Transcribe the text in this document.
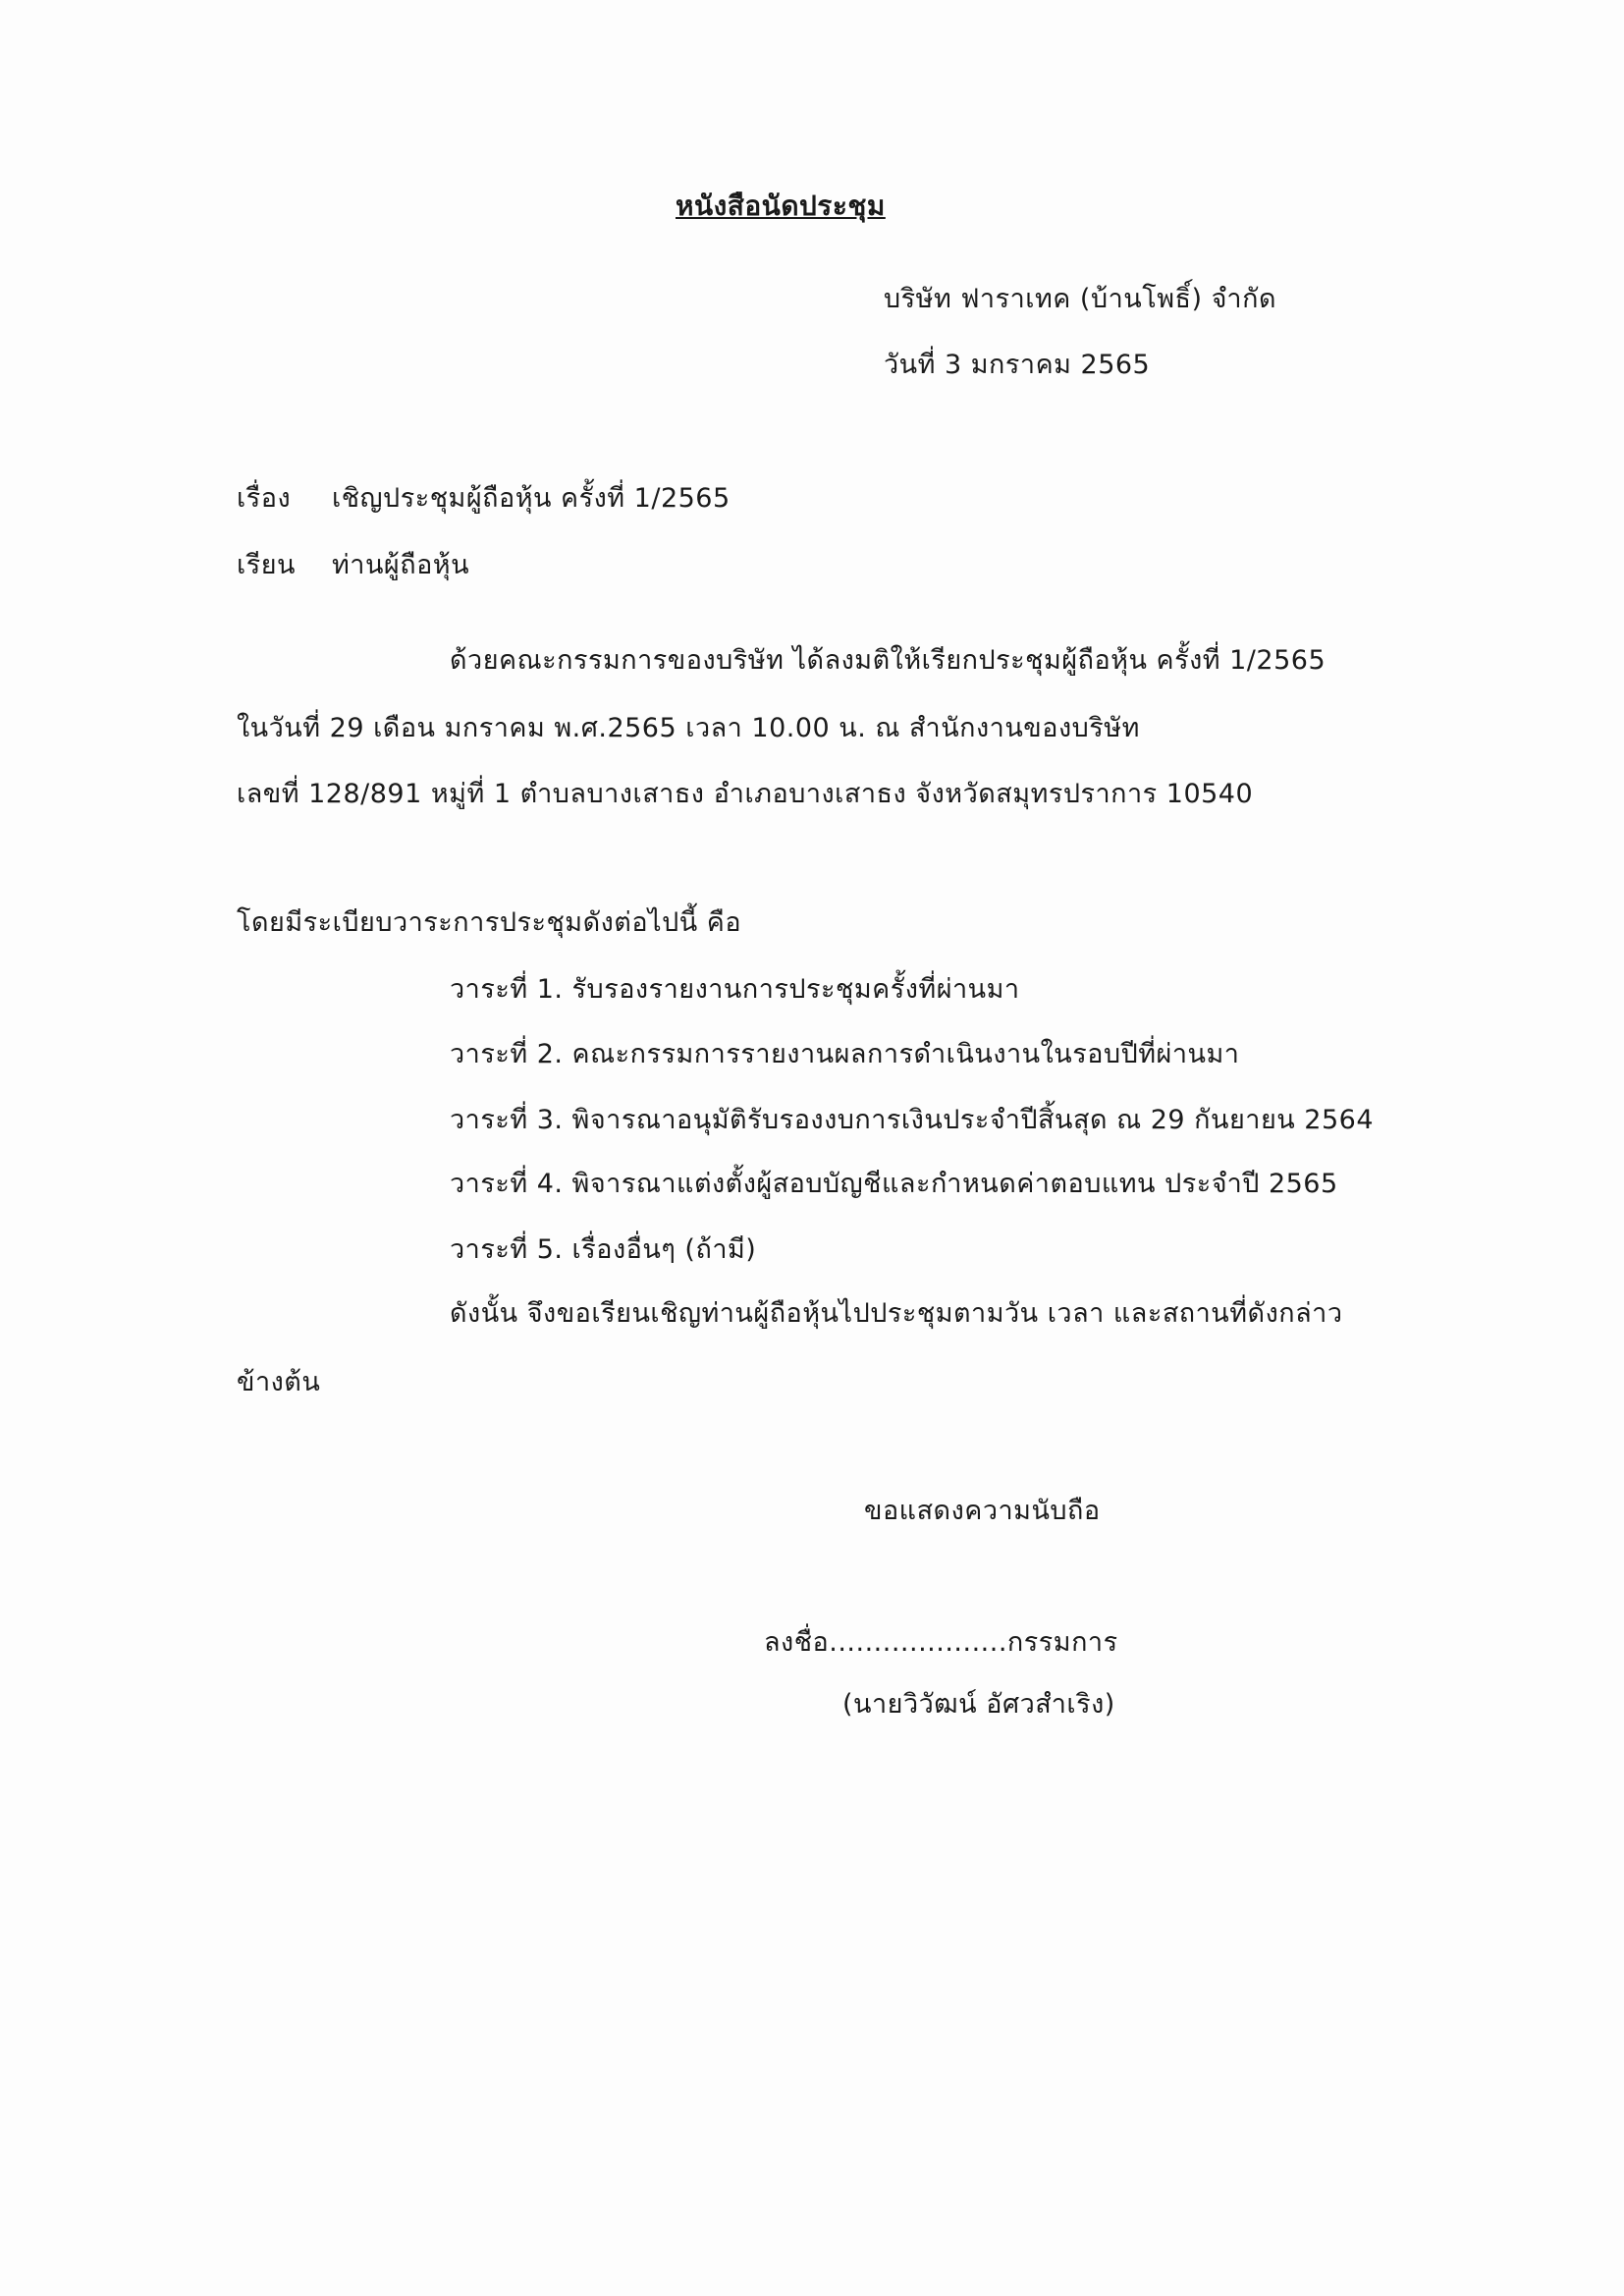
หนังสือนัดประชุม
บริษัท ฟาราเทค (บ้านโพธิ์) จำกัด
วันที่ 3 มกราคม 2565
เรื่อง เชิญประชุมผู้ถือหุ้น ครั้งที่ 1/2565
เรียน ท่านผู้ถือหุ้น
ด้วยคณะกรรมการของบริษัท ได้ลงมติให้เรียกประชุมผู้ถือหุ้น ครั้งที่ 1/2565
ในวันที่ 29 เดือน มกราคม พ.ศ.2565 เวลา 10.00 น. ณ สำนักงานของบริษัท
เลขที่ 128/891 หมู่ที่ 1 ตำบลบางเสาธง อำเภอบางเสาธง จังหวัดสมุทรปราการ 10540
โดยมีระเบียบวาระการประชุมดังต่อไปนี้ คือ
วาระที่ 1. รับรองรายงานการประชุมครั้งที่ผ่านมา
วาระที่ 2. คณะกรรมการรายงานผลการดำเนินงานในรอบปีที่ผ่านมา
วาระที่ 3. พิจารณาอนุมัติรับรองงบการเงินประจำปีสิ้นสุด ณ 29 กันยายน 2564
วาระที่ 4. พิจารณาแต่งตั้งผู้สอบบัญชีและกำหนดค่าตอบแทน ประจำปี 2565
วาระที่ 5. เรื่องอื่นๆ (ถ้ามี)
ดังนั้น จึงขอเรียนเชิญท่านผู้ถือหุ้นไปประชุมตามวัน เวลา และสถานที่ดังกล่าว
ข้างต้น
ขอแสดงความนับถือ
ลงชื่อ....................กรรมการ
(นายวิวัฒน์ อัศวสำเริง)
